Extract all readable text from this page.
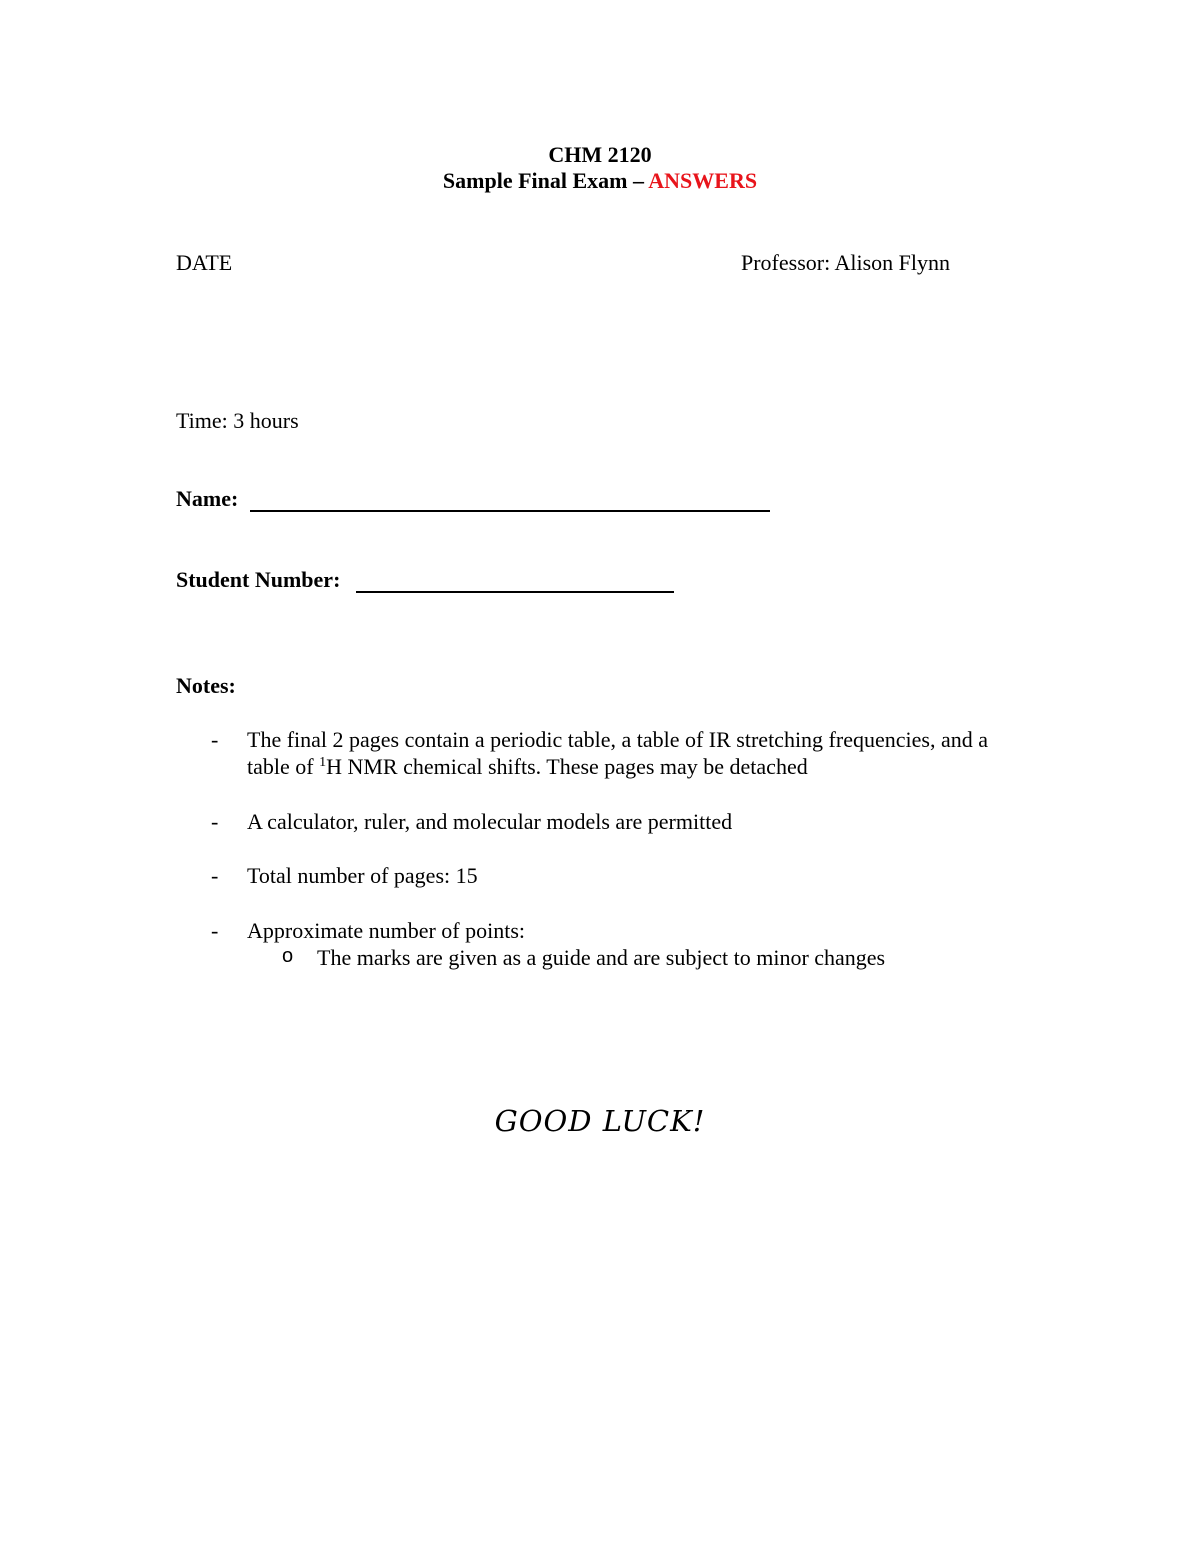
CHM 2120
Sample Final Exam – ANSWERS
DATE	Professor: Alison Flynn
Time: 3 hours
Name:
Student Number:
Notes:
- The final 2 pages contain a periodic table, a table of IR stretching frequencies, and a
table of $^1$H NMR chemical shifts. These pages may be detached
- A calculator, ruler, and molecular models are permitted
- Total number of pages: 15
- Approximate number of points:
o The marks are given as a guide and are subject to minor changes
GOOD LUCK!
